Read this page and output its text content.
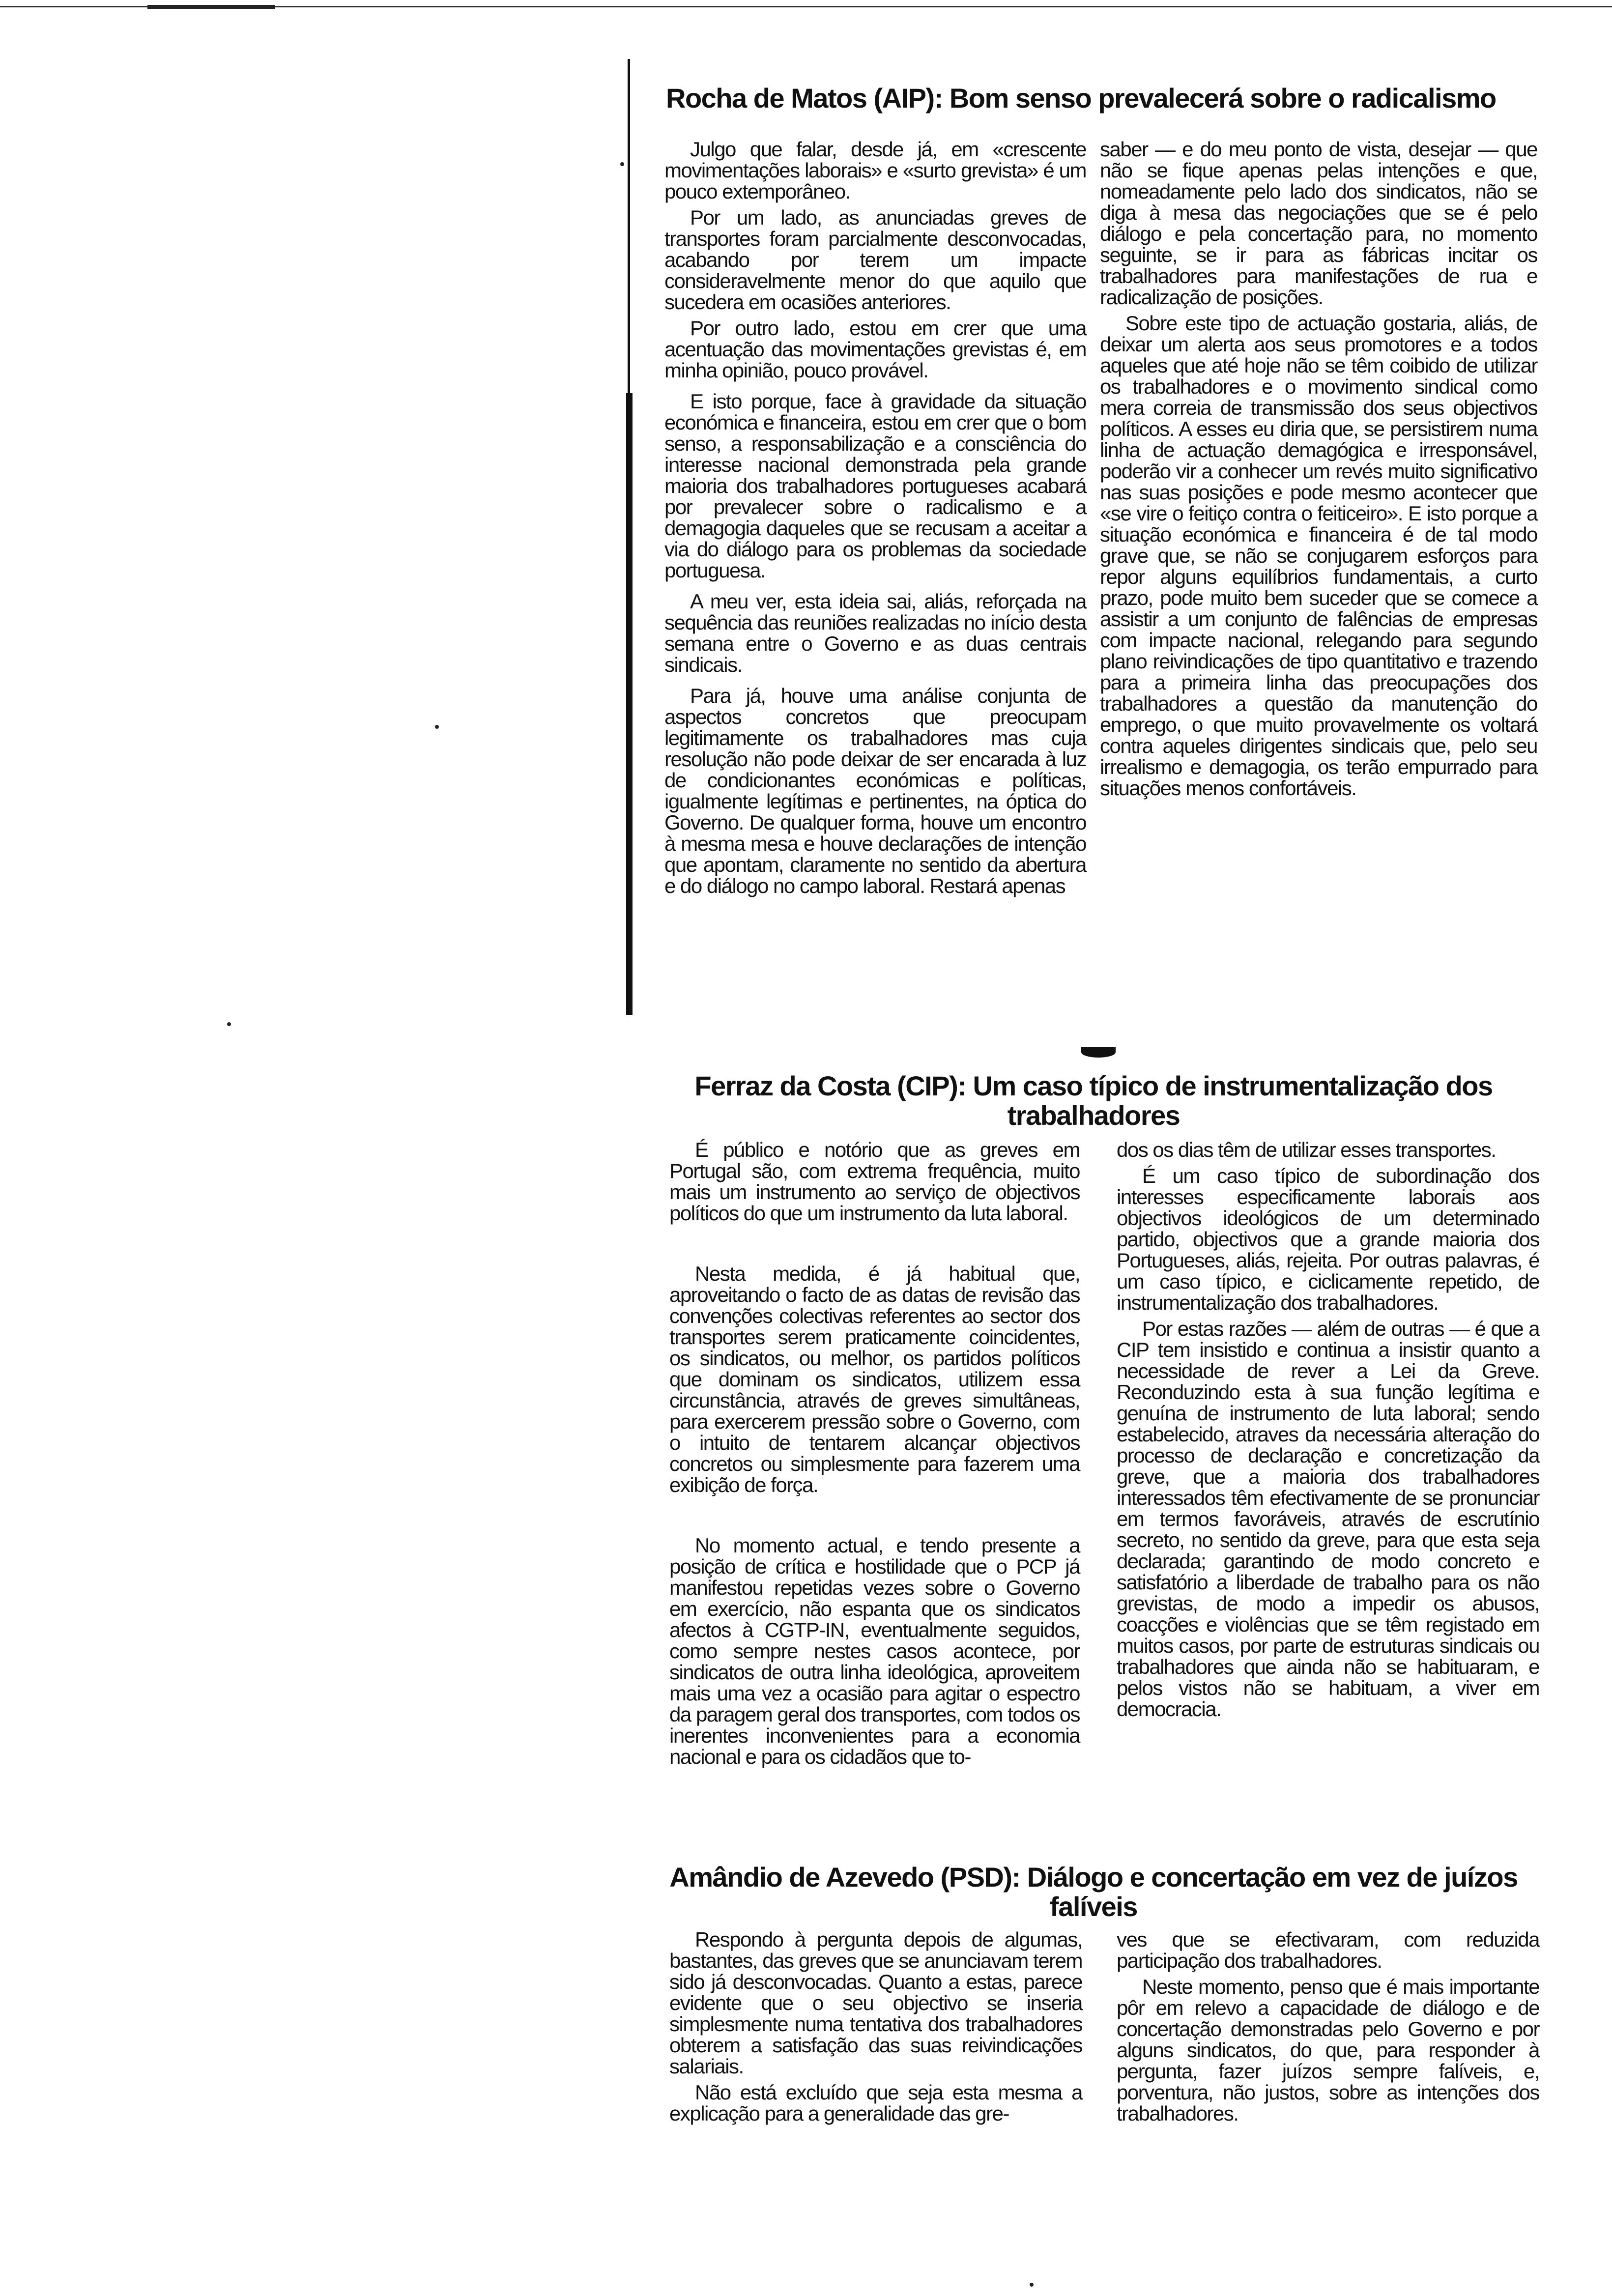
Rocha de Matos (AIP): Bom senso prevalecerá sobre o radicalismo

Julgo que falar, desde já, em «crescente movimentações laborais» e «surto grevista» é um pouco extemporâneo.

Por um lado, as anunciadas greves de transportes foram parcialmente desconvocadas, acabando por terem um impacte consideravelmente menor do que aquilo que sucedera em ocasiões anteriores.

Por outro lado, estou em crer que uma acentuação das movimentações grevistas é, em minha opinião, pouco provável.

E isto porque, face à gravidade da situação económica e financeira, estou em crer que o bom senso, a responsabilização e a consciência do interesse nacional demonstrada pela grande maioria dos trabalhadores portugueses acabará por prevalecer sobre o radicalismo e a demagogia daqueles que se recusam a aceitar a via do diálogo para os problemas da sociedade portuguesa.

A meu ver, esta ideia sai, aliás, reforçada na sequência das reuniões realizadas no início desta semana entre o Governo e as duas centrais sindicais.

Para já, houve uma análise conjunta de aspectos concretos que preocupam legitimamente os trabalhadores mas cuja resolução não pode deixar de ser encarada à luz de condicionantes económicas e políticas, igualmente legítimas e pertinentes, na óptica do Governo. De qualquer forma, houve um encontro à mesma mesa e houve declarações de intenção que apontam, claramente no sentido da abertura e do diálogo no campo laboral. Restará apenas

saber — e do meu ponto de vista, desejar — que não se fique apenas pelas intenções e que, nomeadamente pelo lado dos sindicatos, não se diga à mesa das negociações que se é pelo diálogo e pela concertação para, no momento seguinte, se ir para as fábricas incitar os trabalhadores para manifestações de rua e radicalização de posições.

Sobre este tipo de actuação gostaria, aliás, de deixar um alerta aos seus promotores e a todos aqueles que até hoje não se têm coibido de utilizar os trabalhadores e o movimento sindical como mera correia de transmissão dos seus objectivos políticos. A esses eu diria que, se persistirem numa linha de actuação demagógica e irresponsável, poderão vir a conhecer um revés muito significativo nas suas posições e pode mesmo acontecer que «se vire o feitiço contra o feiticeiro». E isto porque a situação económica e financeira é de tal modo grave que, se não se conjugarem esforços para repor alguns equilíbrios fundamentais, a curto prazo, pode muito bem suceder que se comece a assistir a um conjunto de falências de empresas com impacte nacional, relegando para segundo plano reivindicações de tipo quantitativo e trazendo para a primeira linha das preocupações dos trabalhadores a questão da manutenção do emprego, o que muito provavelmente os voltará contra aqueles dirigentes sindicais que, pelo seu irrealismo e demagogia, os terão empurrado para situações menos confortáveis.

Ferraz da Costa (CIP): Um caso típico de instrumentalização dos trabalhadores

É público e notório que as greves em Portugal são, com extrema frequência, muito mais um instrumento ao serviço de objectivos políticos do que um instrumento da luta laboral.

Nesta medida, é já habitual que, aproveitando o facto de as datas de revisão das convenções colectivas referentes ao sector dos transportes serem praticamente coincidentes, os sindicatos, ou melhor, os partidos políticos que dominam os sindicatos, utilizem essa circunstância, através de greves simultâneas, para exercerem pressão sobre o Governo, com o intuito de tentarem alcançar objectivos concretos ou simplesmente para fazerem uma exibição de força.

No momento actual, e tendo presente a posição de crítica e hostilidade que o PCP já manifestou repetidas vezes sobre o Governo em exercício, não espanta que os sindicatos afectos à CGTP-IN, eventualmente seguidos, como sempre nestes casos acontece, por sindicatos de outra linha ideológica, aproveitem mais uma vez a ocasião para agitar o espectro da paragem geral dos transportes, com todos os inerentes inconvenientes para a economia nacional e para os cidadãos que to-

dos os dias têm de utilizar esses transportes.

É um caso típico de subordinação dos interesses especificamente laborais aos objectivos ideológicos de um determinado partido, objectivos que a grande maioria dos Portugueses, aliás, rejeita. Por outras palavras, é um caso típico, e ciclicamente repetido, de instrumentalização dos trabalhadores.

Por estas razões — além de outras — é que a CIP tem insistido e continua a insistir quanto a necessidade de rever a Lei da Greve. Reconduzindo esta à sua função legítima e genuína de instrumento de luta laboral; sendo estabelecido, atraves da necessária alteração do processo de declaração e concretização da greve, que a maioria dos trabalhadores interessados têm efectivamente de se pronunciar em termos favoráveis, através de escrutínio secreto, no sentido da greve, para que esta seja declarada; garantindo de modo concreto e satisfatório a liberdade de trabalho para os não grevistas, de modo a impedir os abusos, coacções e violências que se têm registado em muitos casos, por parte de estruturas sindicais ou trabalhadores que ainda não se habituaram, e pelos vistos não se habituam, a viver em democracia.

Amândio de Azevedo (PSD): Diálogo e concertação em vez de juízos falíveis

Respondo à pergunta depois de algumas, bastantes, das greves que se anunciavam terem sido já desconvocadas. Quanto a estas, parece evidente que o seu objectivo se inseria simplesmente numa tentativa dos trabalhadores obterem a satisfação das suas reivindicações salariais.

Não está excluído que seja esta mesma a explicação para a generalidade das gre-

ves que se efectivaram, com reduzida participação dos trabalhadores.

Neste momento, penso que é mais importante pôr em relevo a capacidade de diálogo e de concertação demonstradas pelo Governo e por alguns sindicatos, do que, para responder à pergunta, fazer juízos sempre falíveis, e, porventura, não justos, sobre as intenções dos trabalhadores.
